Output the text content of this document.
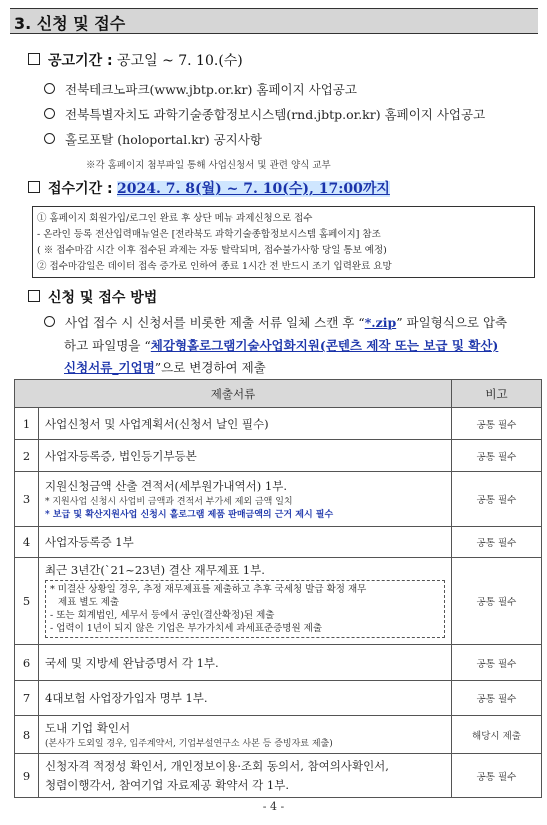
3. 신청 및 접수
공고기간 : 공고일 ~ 7. 10.(수)
전북테크노파크(www.jbtp.or.kr) 홈페이지 사업공고
전북특별자치도 과학기술종합정보시스템(rnd.jbtp.or.kr) 홈페이지 사업공고
홀로포탈 (holoportal.kr) 공지사항
※각 홈페이지 첨부파일 통해 사업신청서 및 관련 양식 교부
접수기간 : 2024. 7. 8(월) ~ 7. 10(수), 17:00까지
① 홈페이지 회원가입/로그인 완료 후 상단 메뉴 과제신청으로 접수
- 온라인 등록 전산입력매뉴얼은 [전라북도 과학기술종합정보시스템 홈페이지] 참조
( ※ 접수마감 시간 이후 접수된 과제는 자동 탈락되며, 접수불가사항 당일 통보 예정)
② 접수마감일은 데이터 접속 증가로 인하여 종료 1시간 전 반드시 조기 입력완료 요망
신청 및 접수 방법
사업 접수 시 신청서를 비롯한 제출 서류 일체 스캔 후 “*.zip” 파일형식으로 압축
하고 파일명을 “체감형홀로그램기술사업화지원(콘텐츠 제작 또는 보급 및 확산)
신청서류_기업명”으로 변경하여 제출
제출서류		비고
1	사업신청서 및 사업계획서(신청서 날인 필수)	공통 필수
2	사업자등록증, 법인등기부등본	공통 필수
3	지원신청금액 산출 견적서(세부원가내역서) 1부.
* 지원사업 신청시 사업비 금액과 견적서 부가세 제외 금액 일치
* 보급 및 확산지원사업 신청시 홀로그램 제품 판매금액의 근거 제시 필수	공통 필수
4	사업자등록증 1부	공통 필수
5	최근 3년간(`21~23년) 결산 재무제표 1부.
* 미결산 상황일 경우, 추정 재무제표를 제출하고 추후 국세청 발급 확정 재무
제표 별도 제출
- 또는 회계법인, 세무서 등에서 공인(결산확정)된 제출
- 업력이 1년이 되지 않은 기업은 부가가치세 과세표준증명원 제출	공통 필수
6	국세 및 지방세 완납증명서 각 1부.	공통 필수
7	4대보험 사업장가입자 명부 1부.	공통 필수
8	도내 기업 확인서
(본사가 도외일 경우, 입주계약서, 기업부설연구소 사본 등 증빙자료 제출)	해당시 제출
9	신청자격 적정성 확인서, 개인정보이용·조회 동의서, 참여의사확인서,
청렴이행각서, 참여기업 자료제공 확약서 각 1부.	공통 필수
- 4 -
